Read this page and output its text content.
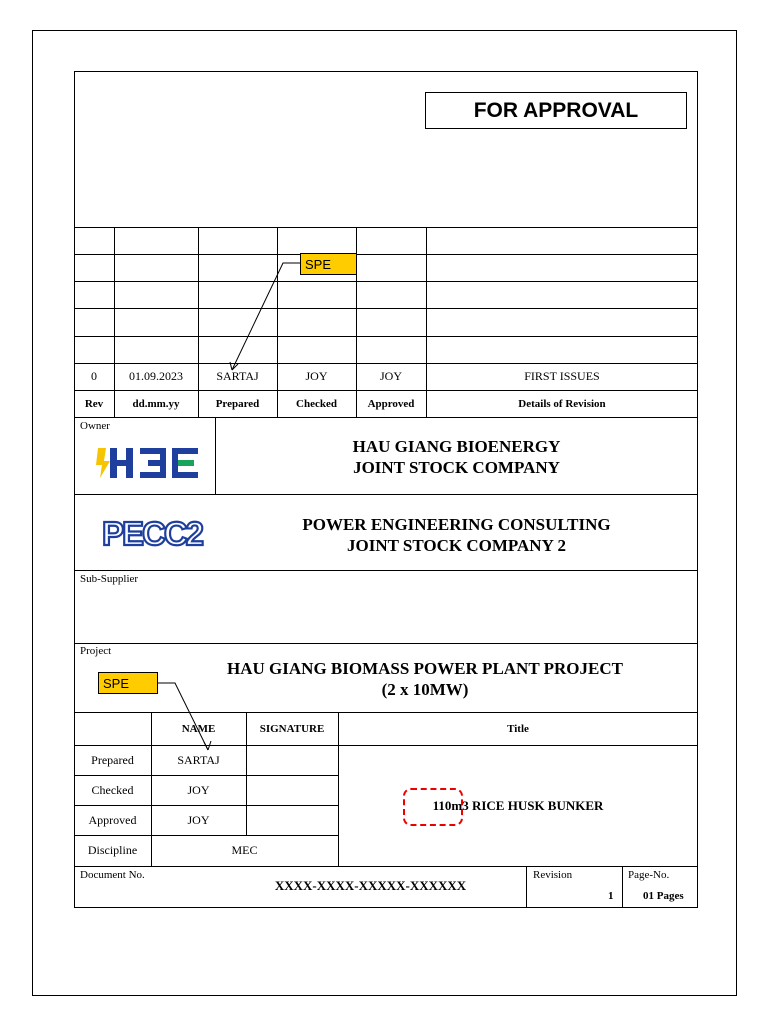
FOR APPROVAL
0	01.09.2023	SARTAJ	JOY	JOY	FIRST ISSUES
Rev	dd.mm.yy	Prepared	Checked	Approved	Details of Revision
SPE
Owner
HAU GIANG BIOENERGY
JOINT STOCK COMPANY
PECC2	POWER ENGINEERING CONSULTING
JOINT STOCK COMPANY 2
Sub-Supplier
Project
SPE
HAU GIANG BIOMASS POWER PLANT PROJECT
(2 x 10MW)
NAME	SIGNATURE	Title
Prepared	SARTAJ
Checked	JOY
Approved	JOY
Discipline	MEC
110m3 RICE HUSK BUNKER
Document No.
XXXX-XXXX-XXXXX-XXXXXX
Revision
1
Page-No.
01 Pages
